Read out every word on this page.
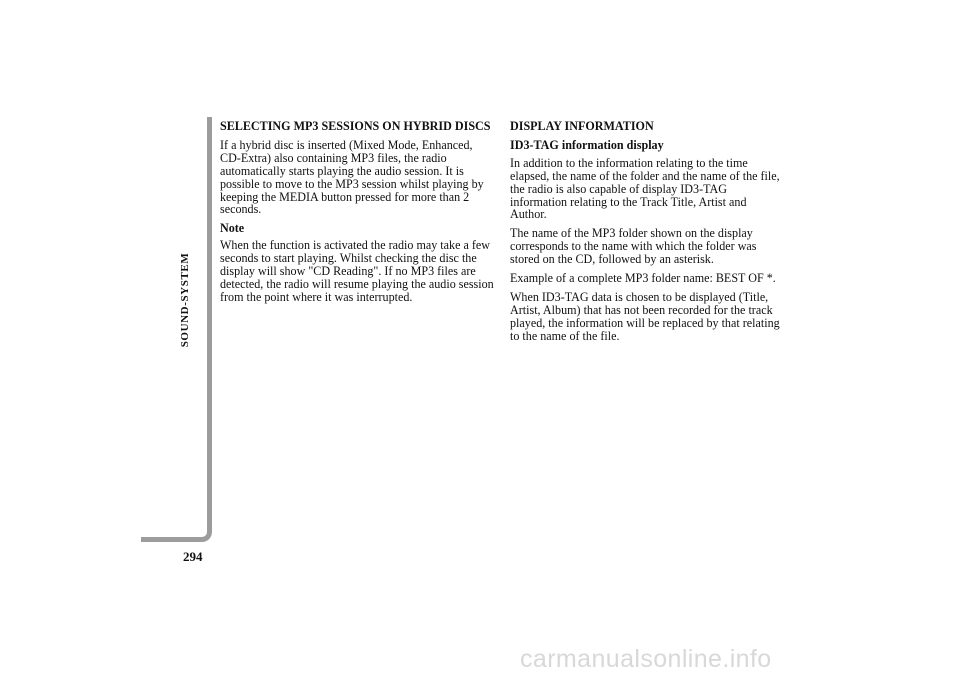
SOUND-SYSTEM
294

SELECTING MP3 SESSIONS ON HYBRID DISCS

If a hybrid disc is inserted (Mixed Mode, Enhanced, CD-Extra) also containing MP3 files, the radio automatically starts playing the audio session. It is possible to move to the MP3 session whilst playing by keeping the MEDIA button pressed for more than 2 seconds.

Note

When the function is activated the radio may take a few seconds to start playing. Whilst checking the disc the display will show "CD Reading". If no MP3 files are detected, the radio will resume playing the audio session from the point where it was interrupted.

DISPLAY INFORMATION

ID3-TAG information display

In addition to the information relating to the time elapsed, the name of the folder and the name of the file, the radio is also capable of display ID3-TAG information relating to the Track Title, Artist and Author.

The name of the MP3 folder shown on the display corresponds to the name with which the folder was stored on the CD, followed by an asterisk.

Example of a complete MP3 folder name: BEST OF *.

When ID3-TAG data is chosen to be displayed (Title, Artist, Album) that has not been recorded for the track played, the information will be replaced by that relating to the name of the file.

carmanualsonline.info
